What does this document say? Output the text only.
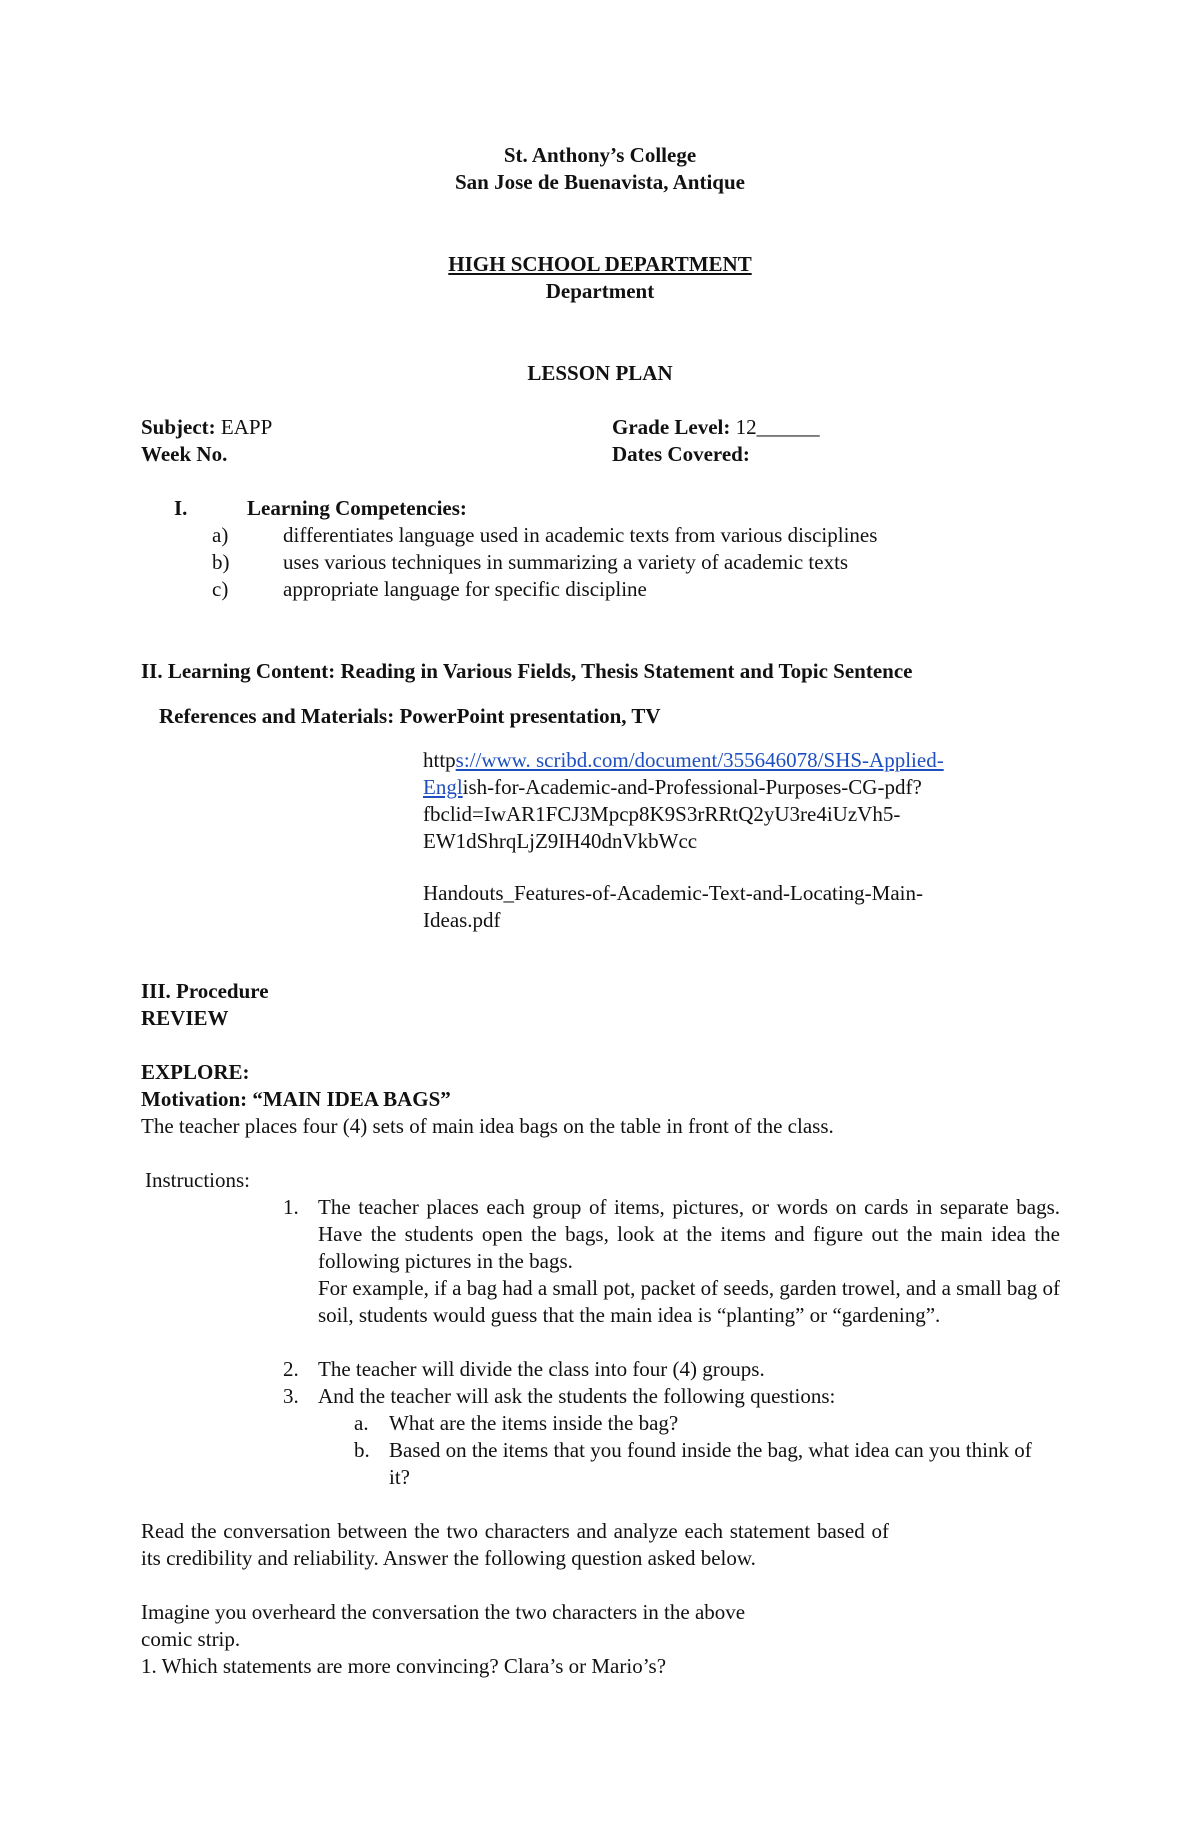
St. Anthony’s College
San Jose de Buenavista, Antique
HIGH SCHOOL DEPARTMENT
Department
LESSON PLAN
Subject: EAPP	Grade Level: 12______
Week No.	Dates Covered:
I.	Learning Competencies:
a)	differentiates language used in academic texts from various disciplines
b)	uses various techniques in summarizing a variety of academic texts
c)	appropriate language for specific discipline
II. Learning Content: Reading in Various Fields, Thesis Statement and Topic Sentence
References and Materials: PowerPoint presentation, TV
https://www. scribd.com/document/355646078/SHS-Applied-
English-for-Academic-and-Professional-Purposes-CG-pdf?
fbclid=IwAR1FCJ3Mpcp8K9S3rRRtQ2yU3re4iUzVh5-
EW1dShrqLjZ9IH40dnVkbWcc
Handouts_Features-of-Academic-Text-and-Locating-Main-
Ideas.pdf
III. Procedure
REVIEW
EXPLORE:
Motivation: “MAIN IDEA BAGS”
The teacher places four (4) sets of main idea bags on the table in front of the class.
Instructions:
1. The teacher places each group of items, pictures, or words on cards in separate bags. Have the students open the bags, look at the items and figure out the main idea the following pictures in the bags.
For example, if a bag had a small pot, packet of seeds, garden trowel, and a small bag of soil, students would guess that the main idea is “planting” or “gardening”.
2. The teacher will divide the class into four (4) groups.
3. And the teacher will ask the students the following questions:
a. What are the items inside the bag?
b. Based on the items that you found inside the bag, what idea can you think of it?
Read the conversation between the two characters and analyze each statement based of its credibility and reliability. Answer the following question asked below.
Imagine you overheard the conversation the two characters in the above
comic strip.
1. Which statements are more convincing? Clara’s or Mario’s?
